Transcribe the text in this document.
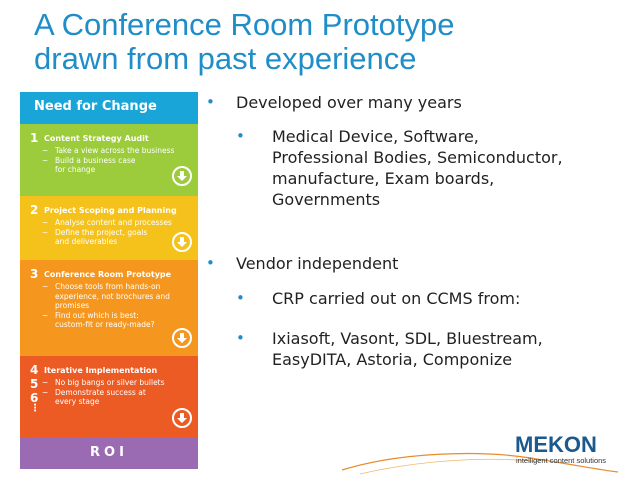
A Conference Room Prototype
drawn from past experience
Need for Change
1 Content Strategy Audit
~ Take a view across the business
~ Build a business case
for change
2 Project Scoping and Planning
~ Analyse content and processes
~ Define the project, goals
and deliverables
3 Conference Room Prototype
~ Choose tools from hands-on
experience, not brochures and
promises
~ Find out which is best:
custom-fit or ready-made?
4
5
6
⋮
Iterative Implementation
~ No big bangs or silver bullets
~ Demonstrate success at
every stage
ROI
• Developed over many years
• Medical Device, Software,
Professional Bodies, Semiconductor,
manufacture, Exam boards,
Governments
• Vendor independent
• CRP carried out on CCMS from:
• Ixiasoft, Vasont, SDL, Bluestream,
EasyDITA, Astoria, Componize
MEKON
intelligent content solutions
